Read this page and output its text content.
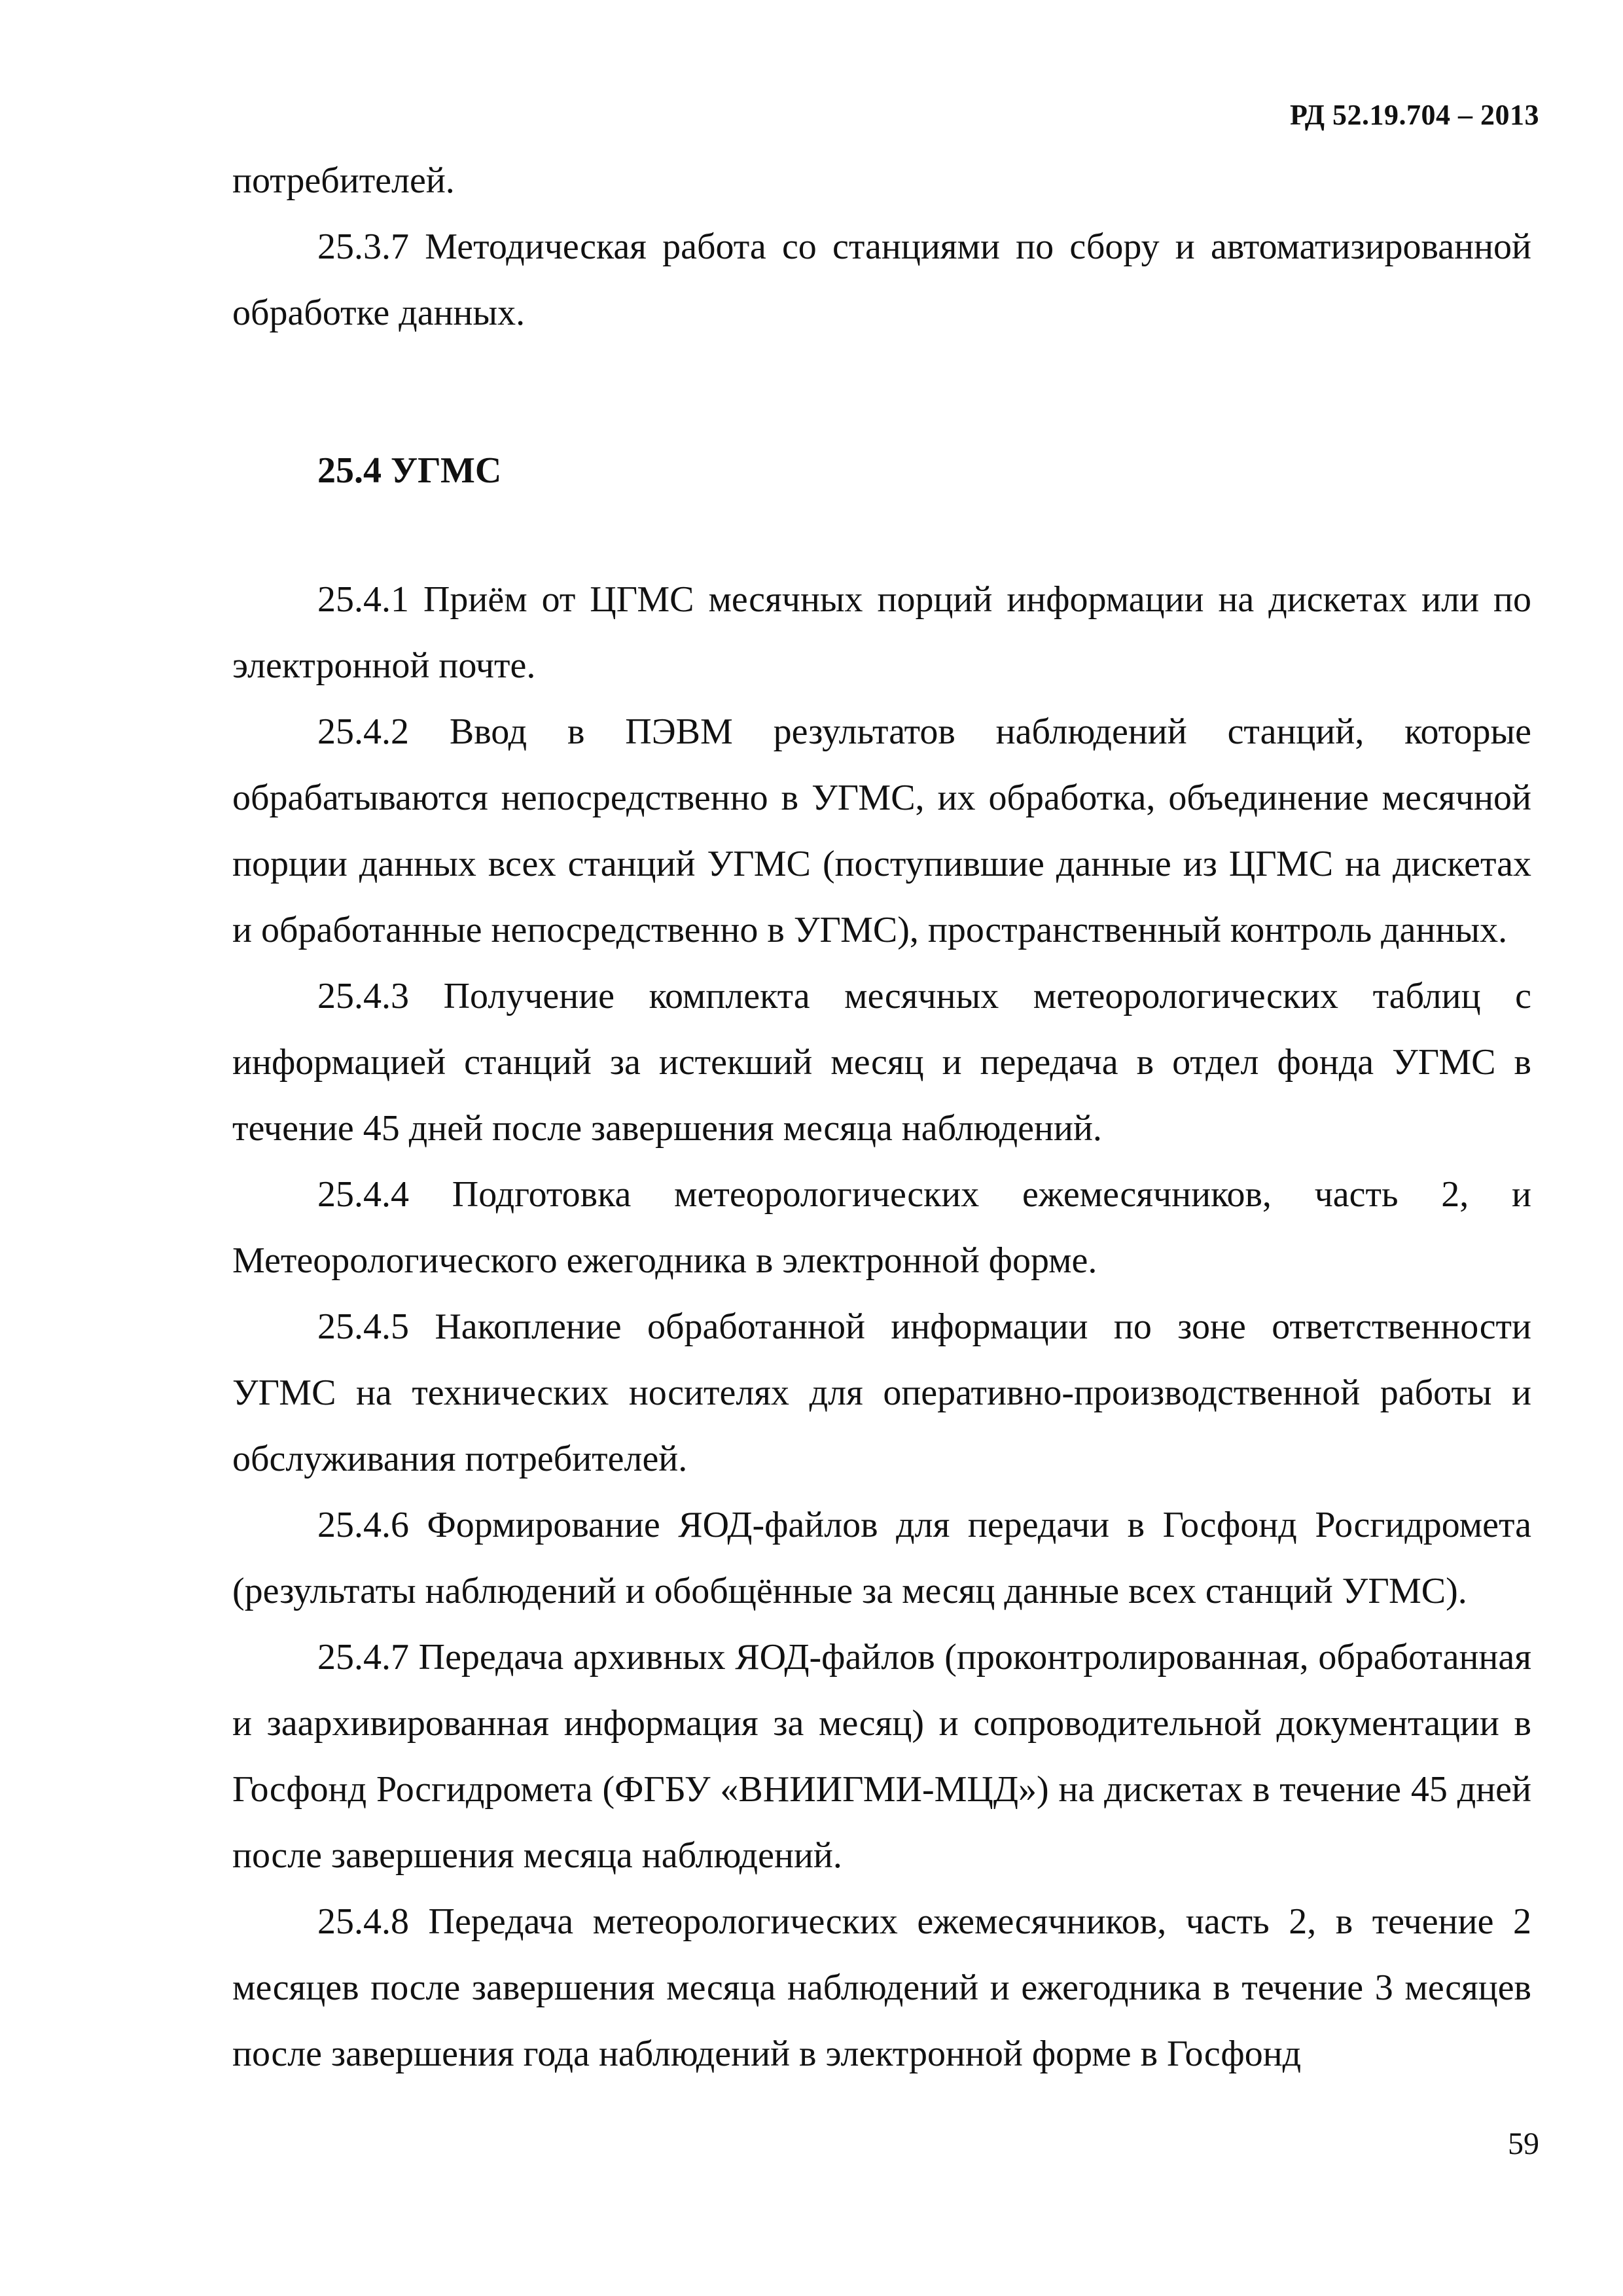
РД 52.19.704 – 2013

потребителей.

25.3.7 Методическая работа со станциями по сбору и автоматизированной обработке данных.

25.4 УГМС

25.4.1 Приём от ЦГМС месячных порций информации на дискетах или по электронной почте.

25.4.2 Ввод в ПЭВМ результатов наблюдений станций, которые обрабатываются непосредственно в УГМС, их обработка, объединение месячной порции данных всех станций УГМС (поступившие данные из ЦГМС на дискетах и обработанные непосредственно в УГМС), пространственный контроль данных.

25.4.3 Получение комплекта месячных метеорологических таблиц с информацией станций за истекший месяц и передача в отдел фонда УГМС в течение 45 дней после завершения месяца наблюдений.

25.4.4 Подготовка метеорологических ежемесячников, часть 2, и Метеорологического ежегодника в электронной форме.

25.4.5 Накопление обработанной информации по зоне ответственности УГМС на технических носителях для оперативно-производственной работы и обслуживания потребителей.

25.4.6 Формирование ЯОД-файлов для передачи в Госфонд Росгидромета (результаты наблюдений и обобщённые за месяц данные всех станций УГМС).

25.4.7 Передача архивных ЯОД-файлов (проконтролированная, обработанная и заархивированная информация за месяц) и сопроводительной документации в Госфонд Росгидромета (ФГБУ «ВНИИГМИ-МЦД») на дискетах в течение 45 дней после завершения месяца наблюдений.

25.4.8 Передача метеорологических ежемесячников, часть 2, в течение 2 месяцев после завершения месяца наблюдений и ежегодника в течение 3 месяцев после завершения года наблюдений в электронной форме в Госфонд

59
